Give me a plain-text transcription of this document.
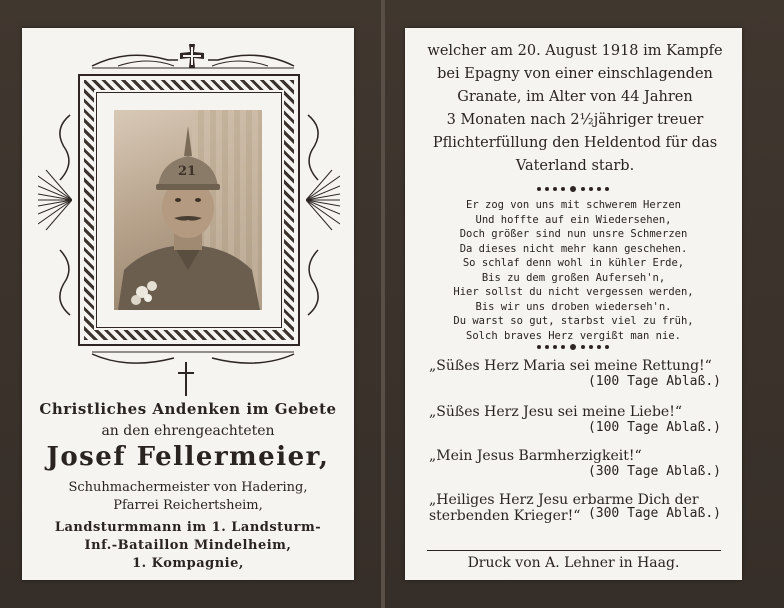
21
Christliches Andenken im Gebete
an den ehrengeachteten
Josef Fellermeier,
Schuhmachermeister von Hadering,
Pfarrei Reichertsheim,
Landsturmmann im 1. Landsturm-
Inf.-Bataillon Mindelheim,
1. Kompagnie,
welcher am 20. August 1918 im Kampfe
bei Epagny von einer einschlagenden
Granate, im Alter von 44 Jahren
3 Monaten nach 2½jähriger treuer
Pflichterfüllung den Heldentod für das
Vaterland starb.
Er zog von uns mit schwerem Herzen
Und hoffte auf ein Wiedersehen,
Doch größer sind nun unsre Schmerzen
Da dieses nicht mehr kann geschehen.
So schlaf denn wohl in kühler Erde,
Bis zu dem großen Auferseh'n,
Hier sollst du nicht vergessen werden,
Bis wir uns droben wiederseh'n.
Du warst so gut, starbst viel zu früh,
Solch braves Herz vergißt man nie.
„Süßes Herz Maria sei meine Rettung!“
(100 Tage Ablaß.)
„Süßes Herz Jesu sei meine Liebe!“
(100 Tage Ablaß.)
„Mein Jesus Barmherzigkeit!“
(300 Tage Ablaß.)
„Heiliges Herz Jesu erbarme Dich der
sterbenden Krieger!“ (300 Tage Ablaß.)
Druck von A. Lehner in Haag.
